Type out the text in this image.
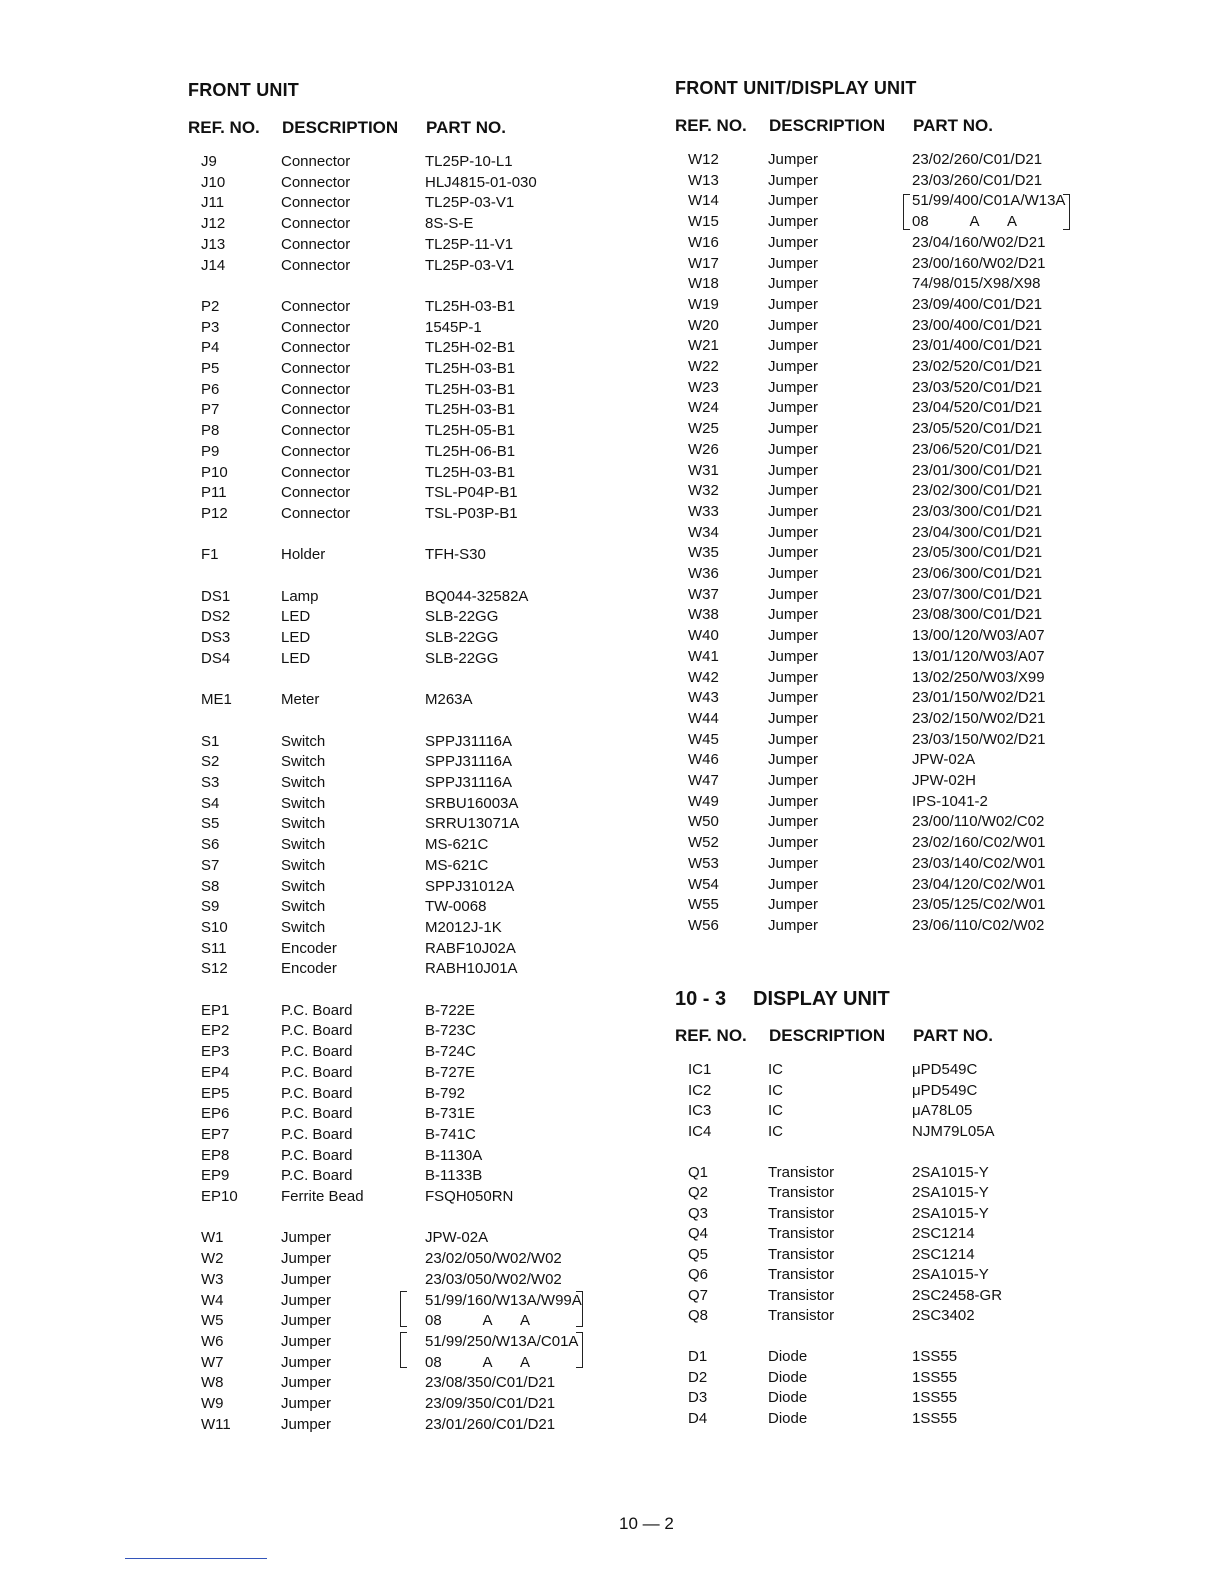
FRONT UNIT
REF. NO. DESCRIPTION PART NO.
J9	Connector	TL25P-10-L1
J10	Connector	HLJ4815-01-030
J11	Connector	TL25P-03-V1
J12	Connector	8S-S-E
J13	Connector	TL25P-11-V1
J14	Connector	TL25P-03-V1
P2	Connector	TL25H-03-B1
P3	Connector	1545P-1
P4	Connector	TL25H-02-B1
P5	Connector	TL25H-03-B1
P6	Connector	TL25H-03-B1
P7	Connector	TL25H-03-B1
P8	Connector	TL25H-05-B1
P9	Connector	TL25H-06-B1
P10	Connector	TL25H-03-B1
P11	Connector	TSL-P04P-B1
P12	Connector	TSL-P03P-B1
F1	Holder	TFH-S30
DS1	Lamp	BQ044-32582A
DS2	LED	SLB-22GG
DS3	LED	SLB-22GG
DS4	LED	SLB-22GG
ME1	Meter	M263A
S1	Switch	SPPJ31116A
S2	Switch	SPPJ31116A
S3	Switch	SPPJ31116A
S4	Switch	SRBU16003A
S5	Switch	SRRU13071A
S6	Switch	MS-621C
S7	Switch	MS-621C
S8	Switch	SPPJ31012A
S9	Switch	TW-0068
S10	Switch	M2012J-1K
S11	Encoder	RABF10J02A
S12	Encoder	RABH10J01A
EP1	P.C. Board	B-722E
EP2	P.C. Board	B-723C
EP3	P.C. Board	B-724C
EP4	P.C. Board	B-727E
EP5	P.C. Board	B-792
EP6	P.C. Board	B-731E
EP7	P.C. Board	B-741C
EP8	P.C. Board	B-1130A
EP9	P.C. Board	B-1133B
EP10	Ferrite Bead	FSQH050RN
W1	Jumper	JPW-02A
W2	Jumper	23/02/050/W02/W02
W3	Jumper	23/03/050/W02/W02
W4	Jumper	51/99/160/W13A/W99A
W5	Jumper	08          A       A
W6	Jumper	51/99/250/W13A/C01A
W7	Jumper	08          A       A
W8	Jumper	23/08/350/C01/D21
W9	Jumper	23/09/350/C01/D21
W11	Jumper	23/01/260/C01/D21
FRONT UNIT/DISPLAY UNIT
REF. NO. DESCRIPTION PART NO.
W12	Jumper	23/02/260/C01/D21
W13	Jumper	23/03/260/C01/D21
W14	Jumper	51/99/400/C01A/W13A
W15	Jumper	08          A       A
W16	Jumper	23/04/160/W02/D21
W17	Jumper	23/00/160/W02/D21
W18	Jumper	74/98/015/X98/X98
W19	Jumper	23/09/400/C01/D21
W20	Jumper	23/00/400/C01/D21
W21	Jumper	23/01/400/C01/D21
W22	Jumper	23/02/520/C01/D21
W23	Jumper	23/03/520/C01/D21
W24	Jumper	23/04/520/C01/D21
W25	Jumper	23/05/520/C01/D21
W26	Jumper	23/06/520/C01/D21
W31	Jumper	23/01/300/C01/D21
W32	Jumper	23/02/300/C01/D21
W33	Jumper	23/03/300/C01/D21
W34	Jumper	23/04/300/C01/D21
W35	Jumper	23/05/300/C01/D21
W36	Jumper	23/06/300/C01/D21
W37	Jumper	23/07/300/C01/D21
W38	Jumper	23/08/300/C01/D21
W40	Jumper	13/00/120/W03/A07
W41	Jumper	13/01/120/W03/A07
W42	Jumper	13/02/250/W03/X99
W43	Jumper	23/01/150/W02/D21
W44	Jumper	23/02/150/W02/D21
W45	Jumper	23/03/150/W02/D21
W46	Jumper	JPW-02A
W47	Jumper	JPW-02H
W49	Jumper	IPS-1041-2
W50	Jumper	23/00/110/W02/C02
W52	Jumper	23/02/160/C02/W01
W53	Jumper	23/03/140/C02/W01
W54	Jumper	23/04/120/C02/W01
W55	Jumper	23/05/125/C02/W01
W56	Jumper	23/06/110/C02/W02
10 - 3 DISPLAY UNIT
REF. NO. DESCRIPTION PART NO.
IC1	IC	μPD549C
IC2	IC	μPD549C
IC3	IC	μA78L05
IC4	IC	NJM79L05A
Q1	Transistor	2SA1015-Y
Q2	Transistor	2SA1015-Y
Q3	Transistor	2SA1015-Y
Q4	Transistor	2SC1214
Q5	Transistor	2SC1214
Q6	Transistor	2SA1015-Y
Q7	Transistor	2SC2458-GR
Q8	Transistor	2SC3402
D1	Diode	1SS55
D2	Diode	1SS55
D3	Diode	1SS55
D4	Diode	1SS55
10 — 2
